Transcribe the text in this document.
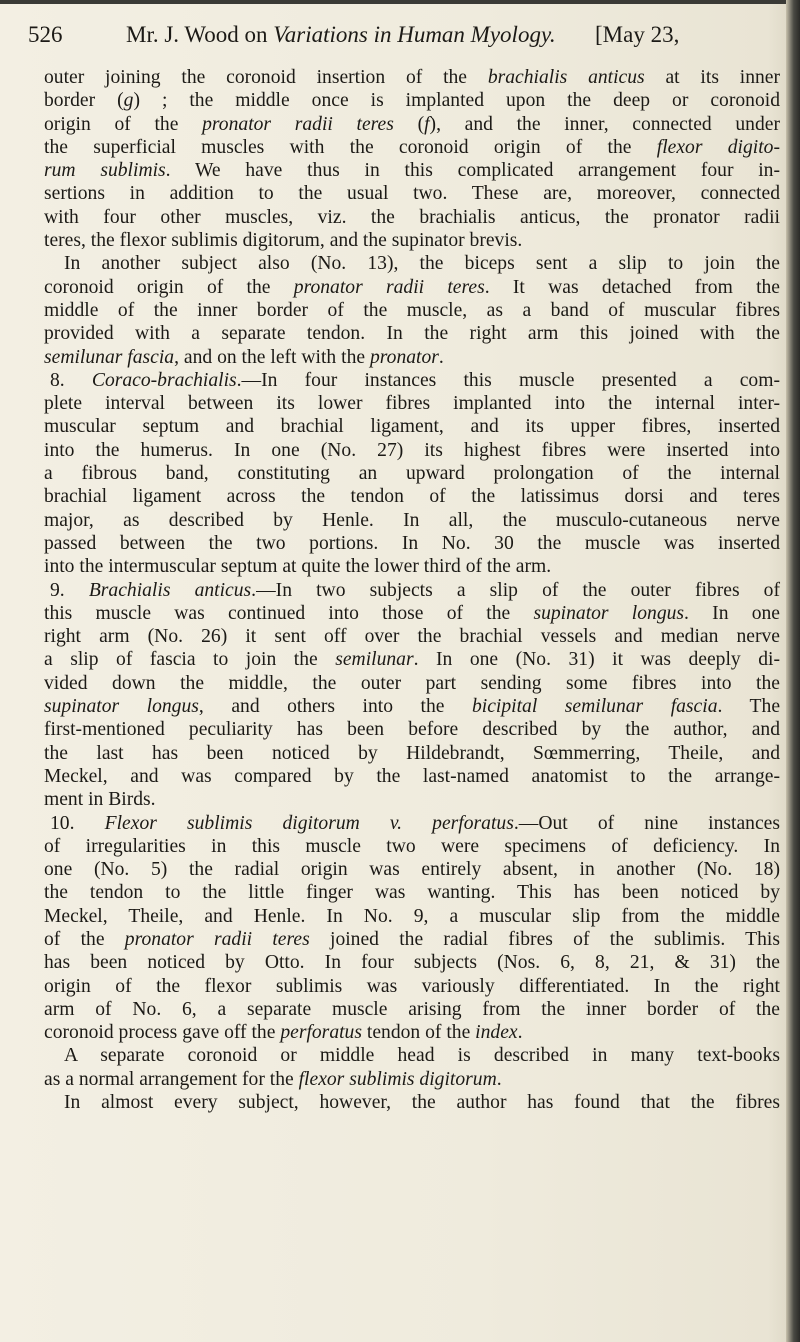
526	Mr. J. Wood on Variations in Human Myology. [May 23,
outer joining the coronoid insertion of the brachialis anticus at its inner
border (g) ; the middle once is implanted upon the deep or coronoid
origin of the pronator radii teres (f), and the inner, connected under
the superficial muscles with the coronoid origin of the flexor digito-
rum sublimis. We have thus in this complicated arrangement four in-
sertions in addition to the usual two. These are, moreover, connected
with four other muscles, viz. the brachialis anticus, the pronator radii
teres, the flexor sublimis digitorum, and the supinator brevis.
In another subject also (No. 13), the biceps sent a slip to join the
coronoid origin of the pronator radii teres. It was detached from the
middle of the inner border of the muscle, as a band of muscular fibres
provided with a separate tendon. In the right arm this joined with the
semilunar fascia, and on the left with the pronator.
8. Coraco-brachialis.—In four instances this muscle presented a com-
plete interval between its lower fibres implanted into the internal inter-
muscular septum and brachial ligament, and its upper fibres, inserted
into the humerus. In one (No. 27) its highest fibres were inserted into
a fibrous band, constituting an upward prolongation of the internal
brachial ligament across the tendon of the latissimus dorsi and teres
major, as described by Henle. In all, the musculo-cutaneous nerve
passed between the two portions. In No. 30 the muscle was inserted
into the intermuscular septum at quite the lower third of the arm.
9. Brachialis anticus.—In two subjects a slip of the outer fibres of
this muscle was continued into those of the supinator longus. In one
right arm (No. 26) it sent off over the brachial vessels and median nerve
a slip of fascia to join the semilunar. In one (No. 31) it was deeply di-
vided down the middle, the outer part sending some fibres into the
supinator longus, and others into the bicipital semilunar fascia. The
first-mentioned peculiarity has been before described by the author, and
the last has been noticed by Hildebrandt, Sœmmerring, Theile, and
Meckel, and was compared by the last-named anatomist to the arrange-
ment in Birds.
10. Flexor sublimis digitorum v. perforatus.—Out of nine instances
of irregularities in this muscle two were specimens of deficiency. In
one (No. 5) the radial origin was entirely absent, in another (No. 18)
the tendon to the little finger was wanting. This has been noticed by
Meckel, Theile, and Henle. In No. 9, a muscular slip from the middle
of the pronator radii teres joined the radial fibres of the sublimis. This
has been noticed by Otto. In four subjects (Nos. 6, 8, 21, & 31) the
origin of the flexor sublimis was variously differentiated. In the right
arm of No. 6, a separate muscle arising from the inner border of the
coronoid process gave off the perforatus tendon of the index.
A separate coronoid or middle head is described in many text-books
as a normal arrangement for the flexor sublimis digitorum.
In almost every subject, however, the author has found that the fibres
